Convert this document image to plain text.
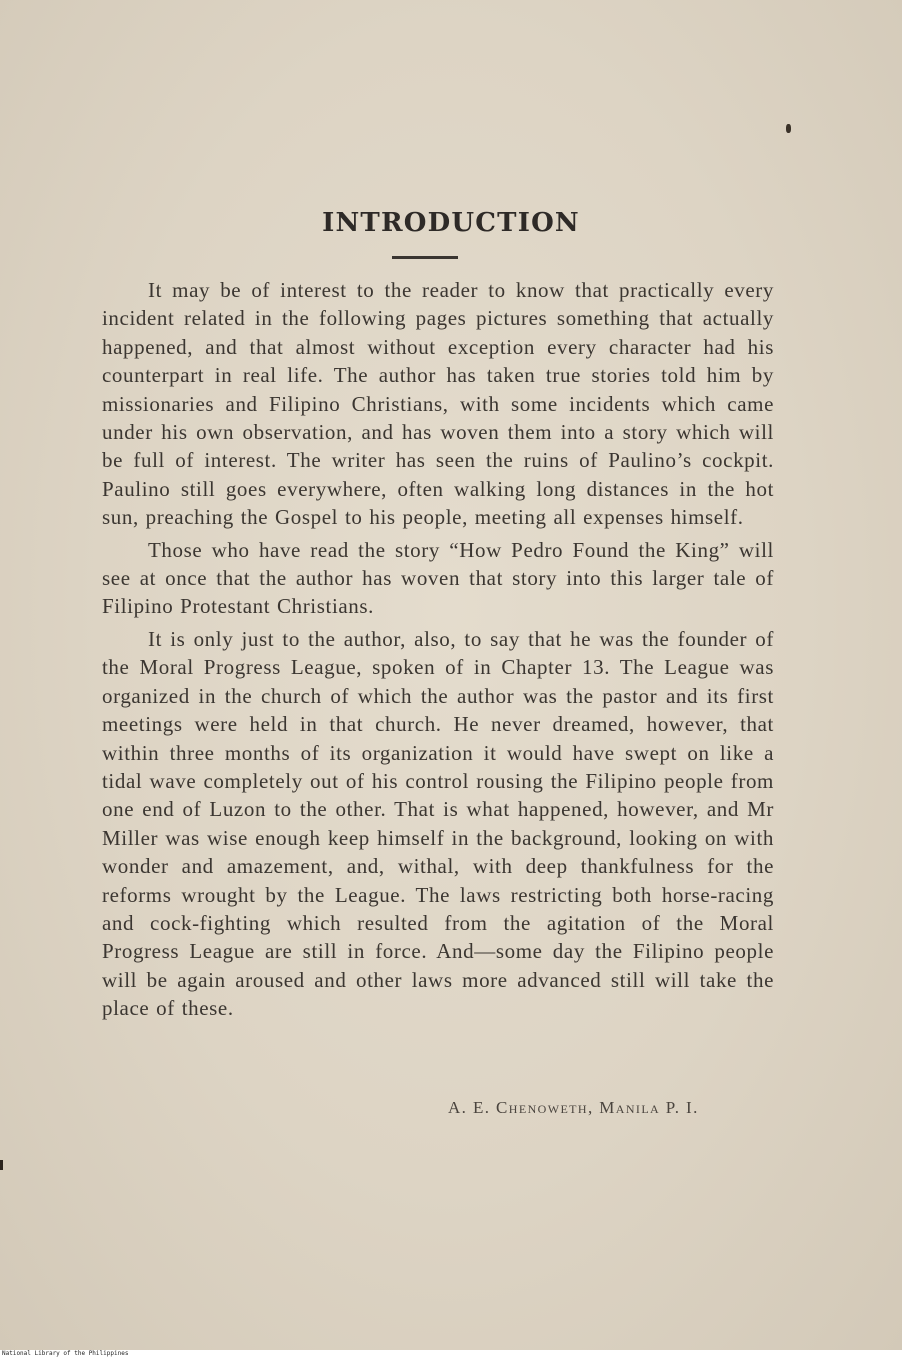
INTRODUCTION

It may be of interest to the reader to know that practically every incident related in the following pages pictures something that actually happened, and that almost without exception every character had his counterpart in real life. The author has taken true stories told him by missionaries and Filipino Christians, with some incidents which came under his own observation, and has woven them into a story which will be full of interest. The writer has seen the ruins of Paulino’s cockpit. Paulino still goes everywhere, often walking long distances in the hot sun, preaching the Gospel to his people, meeting all expenses himself.

Those who have read the story “How Pedro Found the King” will see at once that the author has woven that story into this larger tale of Filipino Protestant Christians.

It is only just to the author, also, to say that he was the founder of the Moral Progress League, spoken of in Chapter 13. The League was organized in the church of which the author was the pastor and its first meetings were held in that church. He never dreamed, however, that within three months of its organization it would have swept on like a tidal wave completely out of his control rousing the Filipino people from one end of Luzon to the other. That is what happened, however, and Mr Miller was wise enough keep himself in the background, looking on with wonder and amazement, and, withal, with deep thankfulness for the reforms wrought by the League. The laws restricting both horse-racing and cock-fighting which resulted from the agitation of the Moral Progress League are still in force. And—some day the Filipino people will be again aroused and other laws more advanced still will take the place of these.

A. E. Chenoweth, Manila P. I.
National Library of the Philippines
